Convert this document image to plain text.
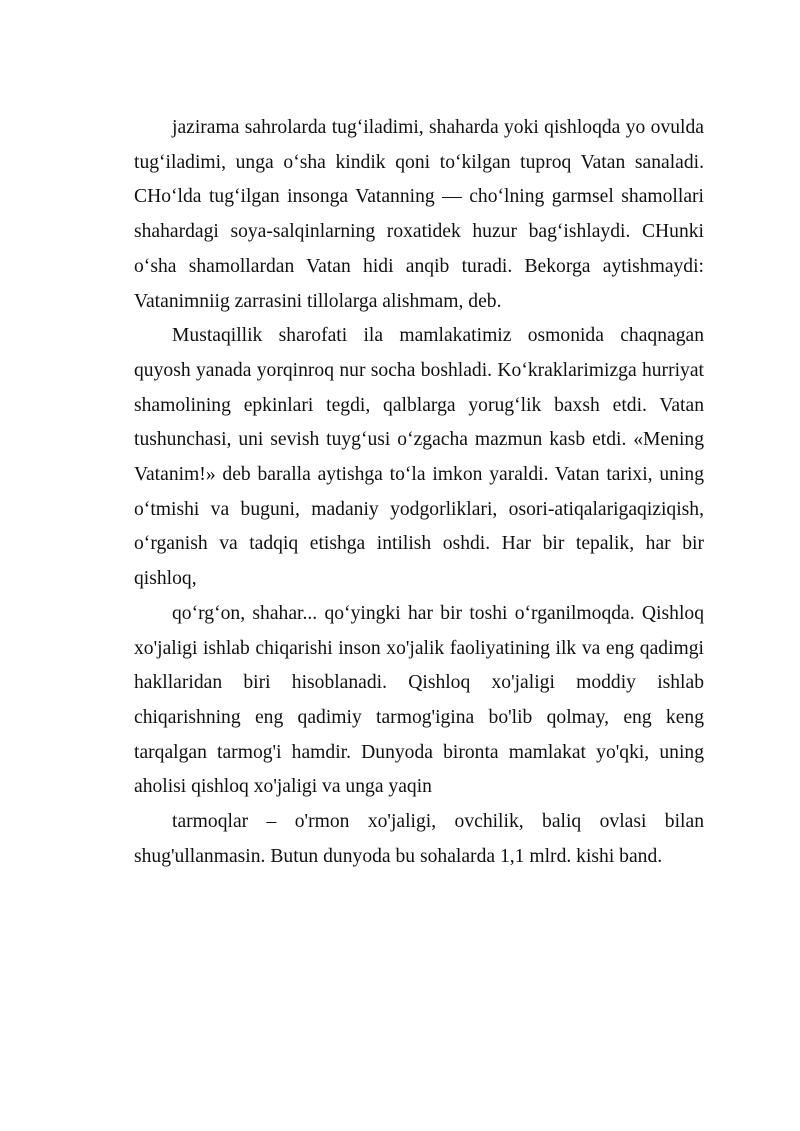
jazirama sahrolarda tug‘iladimi, shaharda yoki qishloqda yo ovulda tug‘iladimi, unga o‘sha kindik qoni to‘kilgan tuproq Vatan sanaladi. CHo‘lda tug‘ilgan insonga Vatanning — cho‘lning garmsel shamollari shahardagi soya-salqinlarning roxatidek huzur bag‘ishlaydi. CHunki o‘sha shamollardan Vatan hidi anqib turadi. Bekorga aytishmaydi: Vatanimniig zarrasini tillolarga alishmam, deb.

Mustaqillik sharofati ila mamlakatimiz osmonida chaqnagan quyosh yanada yorqinroq nur socha boshladi. Ko‘kraklarimizga hurriyat shamolining epkinlari tegdi, qalblarga yorug‘lik baxsh etdi. Vatan tushunchasi, uni sevish tuyg‘usi o‘zgacha mazmun kasb etdi. «Mening Vatanim!» deb baralla aytishga to‘la imkon yaraldi. Vatan tarixi, uning o‘tmishi va buguni, madaniy yodgorliklari, osori-atiqalarigaqiziqish, o‘rganish va tadqiq etishga intilish oshdi. Har bir tepalik, har bir qishloq,

qo‘rg‘on, shahar... qo‘yingki har bir toshi o‘rganilmoqda. Qishloq xo'jaligi ishlab chiqarishi inson xo'jalik faoliyatining ilk va eng qadimgi hakllaridan biri hisoblanadi. Qishloq xo'jaligi moddiy ishlab chiqarishning eng qadimiy tarmog'igina bo'lib qolmay, eng keng tarqalgan tarmog'i hamdir. Dunyoda bironta mamlakat yo'qki, uning aholisi qishloq xo'jaligi va unga yaqin

tarmoqlar – o'rmon xo'jaligi, ovchilik, baliq ovlasi bilan shug'ullanmasin. Butun dunyoda bu sohalarda 1,1 mlrd. kishi band.
